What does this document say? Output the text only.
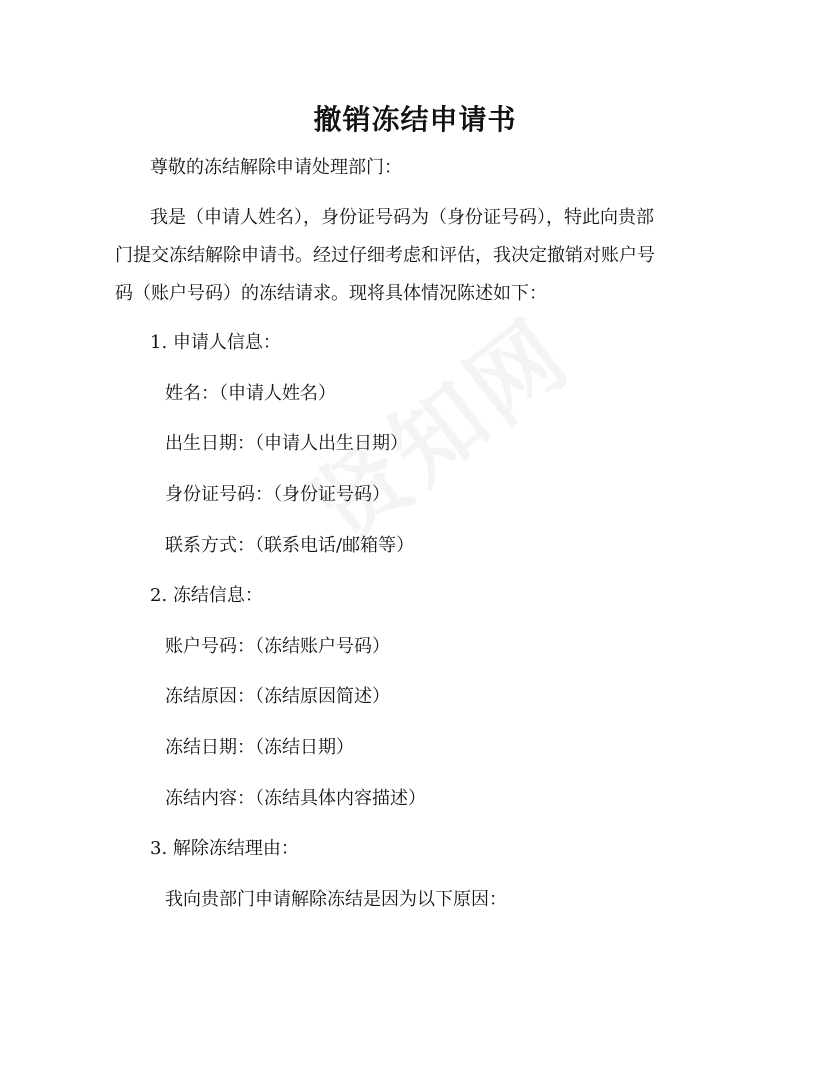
撤销冻结申请书

尊敬的冻结解除申请处理部门：

我是（申请人姓名），身份证号码为（身份证号码），特此向贵部

门提交冻结解除申请书。经过仔细考虑和评估，我决定撤销对账户号

码（账户号码）的冻结请求。现将具体情况陈述如下：

1. 申请人信息：

姓名：（申请人姓名）

出生日期：（申请人出生日期）

身份证号码：（身份证号码）

联系方式：（联系电话/邮箱等）

2. 冻结信息：

账户号码：（冻结账户号码）

冻结原因：（冻结原因简述）

冻结日期：（冻结日期）

冻结内容：（冻结具体内容描述）

3. 解除冻结理由：

我向贵部门申请解除冻结是因为以下原因：
